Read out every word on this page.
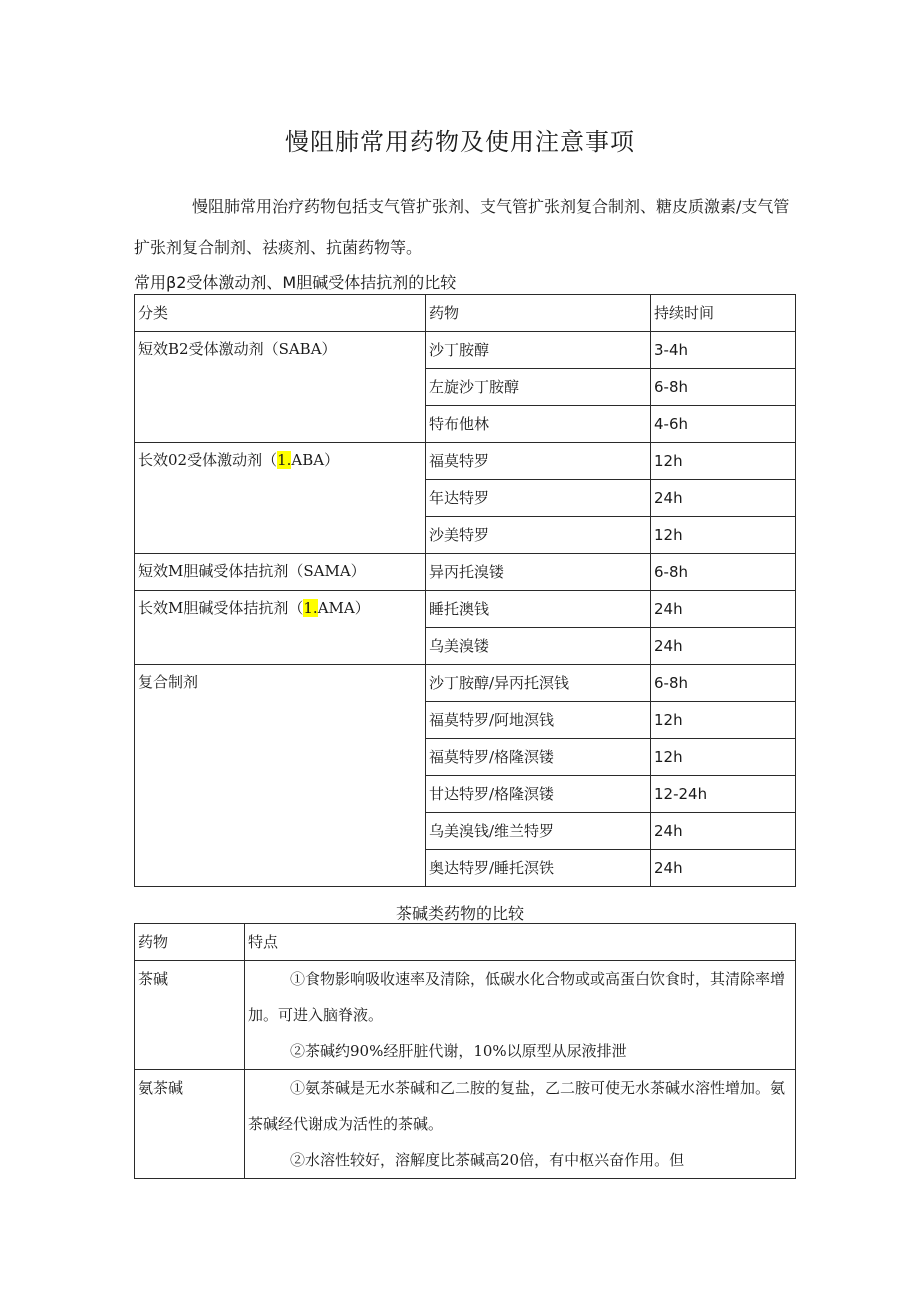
慢阻肺常用药物及使用注意事项
慢阻肺常用治疗药物包括支气管扩张剂、支气管扩张剂复合制剂、糖皮质激素/支气管扩张剂复合制剂、祛痰剂、抗菌药物等。
常用β2受体激动剂、M胆碱受体拮抗剂的比较
分类	药物	持续时间
短效B2受体激动剂（SABA）	沙丁胺醇	3-4h
	左旋沙丁胺醇	6-8h
	特布他林	4-6h
长效02受体激动剂（1.ABA）	福莫特罗	12h
	年达特罗	24h
	沙美特罗	12h
短效M胆碱受体拮抗剂（SAMA）	异丙托溴镂	6-8h
长效M胆碱受体拮抗剂（1.AMA）	睡托澳钱	24h
	乌美溴镂	24h
复合制剂	沙丁胺醇/异丙托溟钱	6-8h
	福莫特罗/阿地溟钱	12h
	福莫特罗/格隆溟镂	12h
	甘达特罗/格隆溟镂	12-24h
	乌美溴钱/维兰特罗	24h
	奥达特罗/睡托溟铁	24h
茶碱类药物的比较
药物	特点
茶碱	①食物影响吸收速率及清除，低碳水化合物或或高蛋白饮食时，其清除率增加。可进入脑脊液。

②茶碱约90%经肝脏代谢，10%以原型从尿液排泄

氨茶碱	①氨茶碱是无水茶碱和乙二胺的复盐，乙二胺可使无水茶碱水溶性增加。氨茶碱经代谢成为活性的茶碱。

②水溶性较好，溶解度比茶碱高20倍，有中枢兴奋作用。但
